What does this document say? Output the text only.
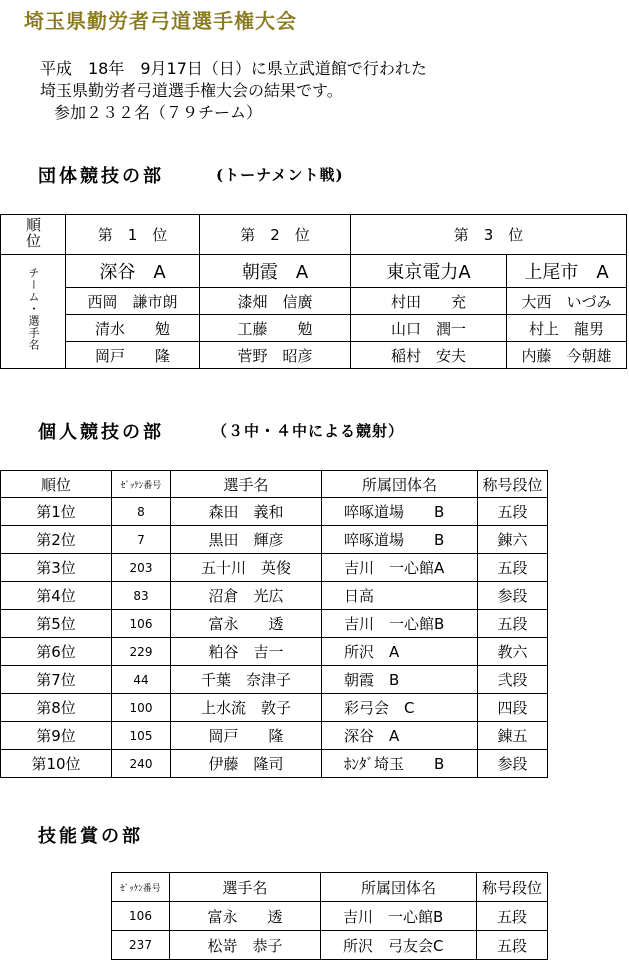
埼玉県勤労者弓道選手権大会
平成　18年　9月17日（日）に県立武道館で行われた
埼玉県勤労者弓道選手権大会の結果です。
参加２３２名（７９チーム）
団体競技の部	(トーナメント戦)
順位	第　1　位	第　2　位	第　3　位	
チーム・選手名	深谷　A	朝霞　A	東京電力A	上尾市　A
	西岡　謙市朗	漆畑　信廣	村田　　充	大西　いづみ
	清水　　勉	工藤　　勉	山口　潤一	村上　龍男
	岡戸　　隆	菅野　昭彦	稲村　安夫	内藤　今朝雄
個人競技の部	（３中・４中による競射）
順位	ｾﾞｯｹﾝ番号	選手名	所属団体名	称号段位
第1位	8	森田　義和	啐啄道場　　B	五段
第2位	7	黒田　輝彦	啐啄道場　　B	錬六
第3位	203	五十川　英俊	吉川　一心館A	五段
第4位	83	沼倉　光広	日高	参段
第5位	106	富永　　透	吉川　一心館B	五段
第6位	229	粕谷　吉一	所沢　A	教六
第7位	44	千葉　奈津子	朝霞　B	弐段
第8位	100	上水流　敦子	彩弓会　C	四段
第9位	105	岡戸　　隆	深谷　A	錬五
第10位	240	伊藤　隆司	ﾎﾝﾀﾞ埼玉　　B	参段
技能賞の部
ｾﾞｯｹﾝ番号	選手名	所属団体名	称号段位
106	富永　　透	吉川　一心館B	五段
237	松嵜　恭子	所沢　弓友会C	五段
